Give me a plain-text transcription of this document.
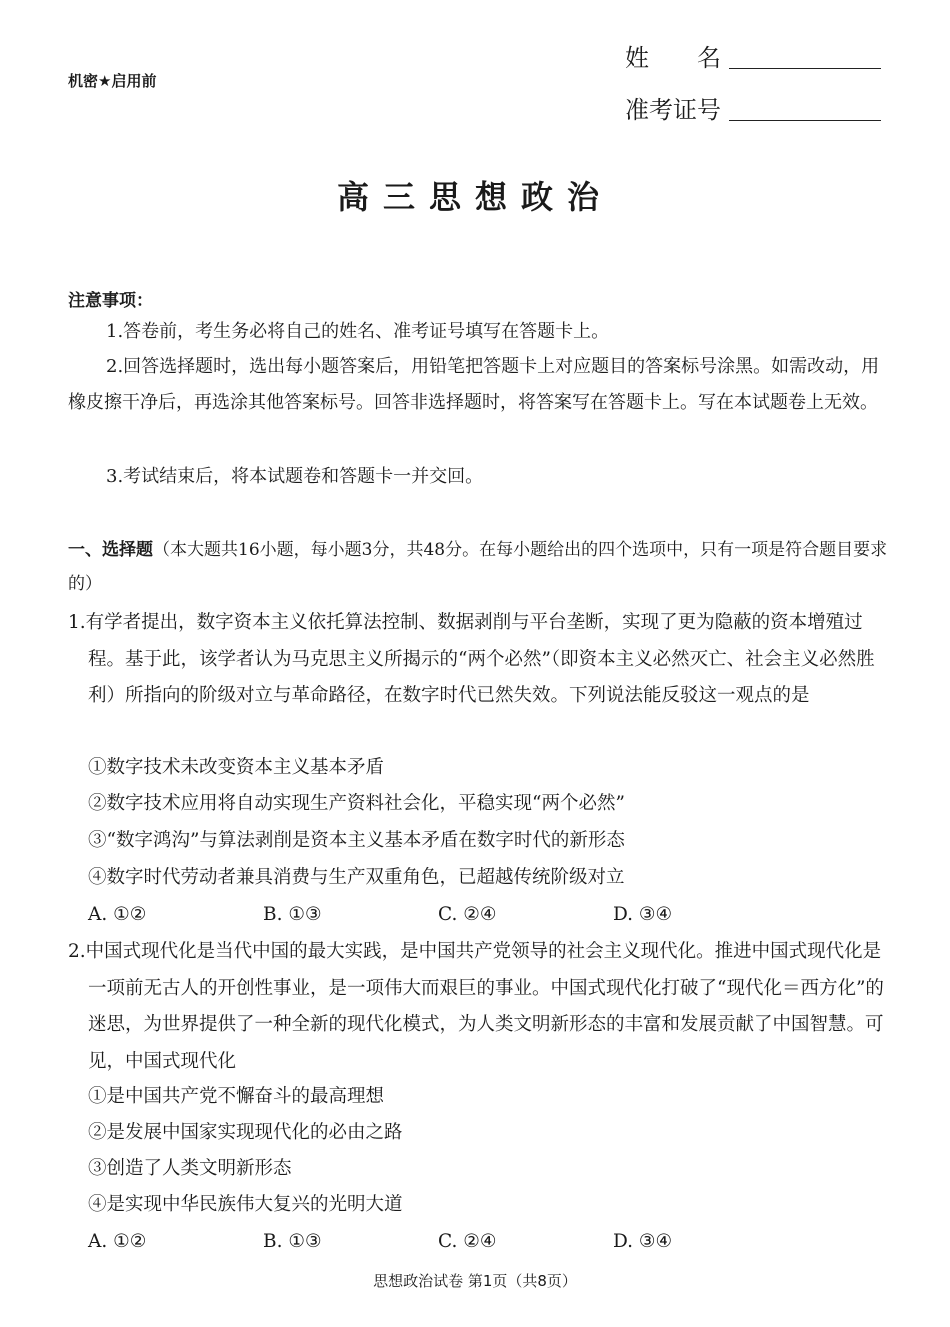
机密★启用前
姓 名
准考证号
高三思想政治
注意事项：
1.答卷前，考生务必将自己的姓名、准考证号填写在答题卡上。
2.回答选择题时，选出每小题答案后，用铅笔把答题卡上对应题目的答案标号涂黑。如需改动，用橡皮擦干净后，再选涂其他答案标号。回答非选择题时，将答案写在答题卡上。写在本试题卷上无效。
3.考试结束后，将本试题卷和答题卡一并交回。
一、选择题（本大题共16小题，每小题3分，共48分。在每小题给出的四个选项中，只有一项是符合题目要求的）
1.有学者提出，数字资本主义依托算法控制、数据剥削与平台垄断，实现了更为隐蔽的资本增殖过程。基于此，该学者认为马克思主义所揭示的“两个必然”（即资本主义必然灭亡、社会主义必然胜利）所指向的阶级对立与革命路径，在数字时代已然失效。下列说法能反驳这一观点的是
①数字技术未改变资本主义基本矛盾
②数字技术应用将自动实现生产资料社会化，平稳实现“两个必然”
③“数字鸿沟”与算法剥削是资本主义基本矛盾在数字时代的新形态
④数字时代劳动者兼具消费与生产双重角色，已超越传统阶级对立
A. ①②	B. ①③	C. ②④	D. ③④
2.中国式现代化是当代中国的最大实践，是中国共产党领导的社会主义现代化。推进中国式现代化是一项前无古人的开创性事业，是一项伟大而艰巨的事业。中国式现代化打破了“现代化＝西方化”的迷思，为世界提供了一种全新的现代化模式，为人类文明新形态的丰富和发展贡献了中国智慧。可见，中国式现代化
①是中国共产党不懈奋斗的最高理想
②是发展中国家实现现代化的必由之路
③创造了人类文明新形态
④是实现中华民族伟大复兴的光明大道
A. ①②	B. ①③	C. ②④	D. ③④
思想政治试卷 第1页（共8页）
